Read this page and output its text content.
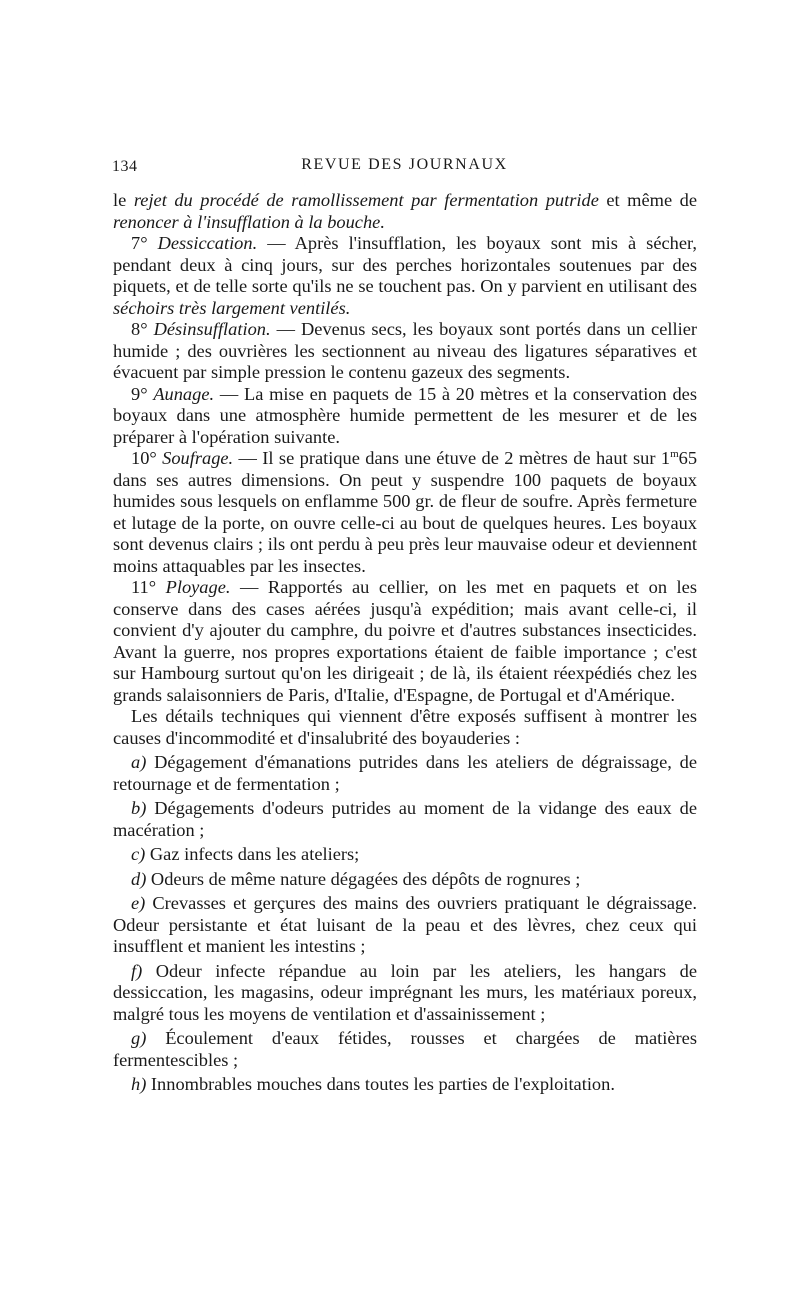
134	REVUE DES JOURNAUX

le rejet du procédé de ramollissement par fermentation putride et même de renoncer à l'insufflation à la bouche.

7° Dessiccation. — Après l'insufflation, les boyaux sont mis à sécher, pendant deux à cinq jours, sur des perches horizontales soutenues par des piquets, et de telle sorte qu'ils ne se touchent pas. On y parvient en utilisant des séchoirs très largement ventilés.

8° Désinsufflation. — Devenus secs, les boyaux sont portés dans un cellier humide ; des ouvrières les sectionnent au niveau des ligatures séparatives et évacuent par simple pression le contenu gazeux des segments.

9° Aunage. — La mise en paquets de 15 à 20 mètres et la conservation des boyaux dans une atmosphère humide permettent de les mesurer et de les préparer à l'opération suivante.

10° Soufrage. — Il se pratique dans une étuve de 2 mètres de haut sur 1$^m$65 dans ses autres dimensions. On peut y suspendre 100 paquets de boyaux humides sous lesquels on enflamme 500 gr. de fleur de soufre. Après fermeture et lutage de la porte, on ouvre celle-ci au bout de quelques heures. Les boyaux sont devenus clairs ; ils ont perdu à peu près leur mauvaise odeur et deviennent moins attaquables par les insectes.

11° Ployage. — Rapportés au cellier, on les met en paquets et on les conserve dans des cases aérées jusqu'à expédition; mais avant celle-ci, il convient d'y ajouter du camphre, du poivre et d'autres substances insecticides. Avant la guerre, nos propres exportations étaient de faible importance ; c'est sur Hambourg surtout qu'on les dirigeait ; de là, ils étaient réexpédiés chez les grands salaisonniers de Paris, d'Italie, d'Espagne, de Portugal et d'Amérique.

Les détails techniques qui viennent d'être exposés suffisent à montrer les causes d'incommodité et d'insalubrité des boyauderies :

a) Dégagement d'émanations putrides dans les ateliers de dégraissage, de retournage et de fermentation ;

b) Dégagements d'odeurs putrides au moment de la vidange des eaux de macération ;

c) Gaz infects dans les ateliers;

d) Odeurs de même nature dégagées des dépôts de rognures ;

e) Crevasses et gerçures des mains des ouvriers pratiquant le dégraissage. Odeur persistante et état luisant de la peau et des lèvres, chez ceux qui insufflent et manient les intestins ;

f) Odeur infecte répandue au loin par les ateliers, les hangars de dessiccation, les magasins, odeur imprégnant les murs, les matériaux poreux, malgré tous les moyens de ventilation et d'assainissement ;

g) Écoulement d'eaux fétides, rousses et chargées de matières fermentescibles ;

h) Innombrables mouches dans toutes les parties de l'exploitation.
